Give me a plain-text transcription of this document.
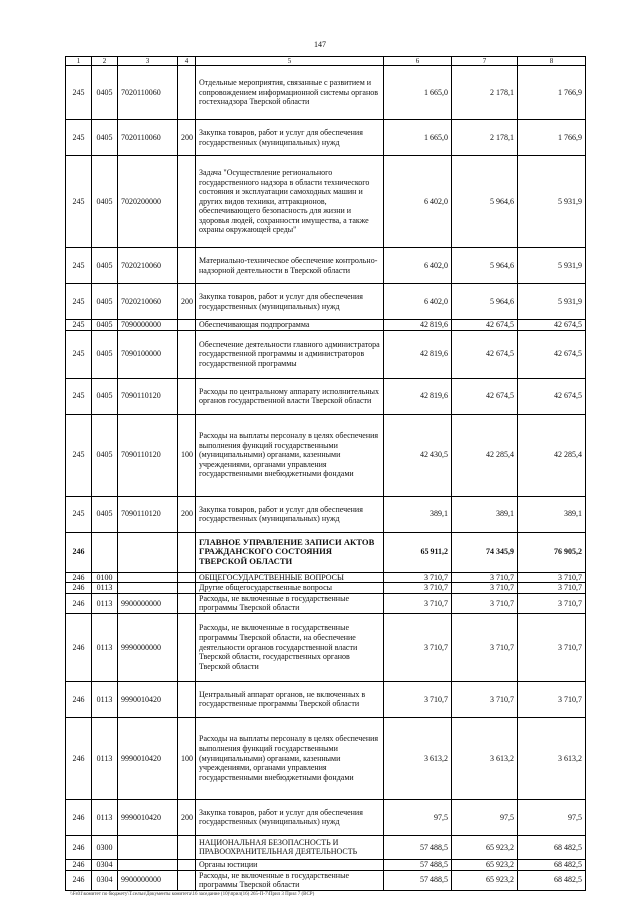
147
1	2	3	4	5	6	7	8
245	0405	7020110060		Отдельные мероприятия, связанные с развитием и сопровождением информационной системы органов гостехнадзора Тверской области	1 665,0	2 178,1	1 766,9
245	0405	7020110060	200	Закупка товаров, работ и услуг для обеспечения государственных (муниципальных) нужд	1 665,0	2 178,1	1 766,9
245	0405	7020200000		Задача "Осуществление регионального государственного надзора в области технического состояния и эксплуатации самоходных машин и других видов техники, аттракционов, обеспечивающего безопасность для жизни и здоровья людей, сохранности имущества, а также охраны окружающей среды"	6 402,0	5 964,6	5 931,9
245	0405	7020210060		Материально-техническое обеспечение контрольно-надзорной деятельности в Тверской области	6 402,0	5 964,6	5 931,9
245	0405	7020210060	200	Закупка товаров, работ и услуг для обеспечения государственных (муниципальных) нужд	6 402,0	5 964,6	5 931,9
245	0405	7090000000		Обеспечивающая подпрограмма	42 819,6	42 674,5	42 674,5
245	0405	7090100000		Обеспечение деятельности главного администратора государственной программы и администраторов государственной программы	42 819,6	42 674,5	42 674,5
245	0405	7090110120		Расходы по центральному аппарату исполнительных органов государственной власти Тверской области	42 819,6	42 674,5	42 674,5
245	0405	7090110120	100	Расходы на выплаты персоналу в целях обеспечения выполнения функций государственными (муниципальными) органами, казенными учреждениями, органами управления государственными внебюджетными фондами	42 430,5	42 285,4	42 285,4
245	0405	7090110120	200	Закупка товаров, работ и услуг для обеспечения государственных (муниципальных) нужд	389,1	389,1	389,1
246				ГЛАВНОЕ УПРАВЛЕНИЕ ЗАПИСИ АКТОВ ГРАЖДАНСКОГО СОСТОЯНИЯ ТВЕРСКОЙ ОБЛАСТИ	65 911,2	74 345,9	76 905,2
246	0100			ОБЩЕГОСУДАРСТВЕННЫЕ ВОПРОСЫ	3 710,7	3 710,7	3 710,7
246	0113			Другие общегосударственные вопросы	3 710,7	3 710,7	3 710,7
246	0113	9900000000		Расходы, не включенные в государственные программы Тверской области	3 710,7	3 710,7	3 710,7
246	0113	9990000000		Расходы, не включенные в государственные программы Тверской области, на обеспечение деятельности органов государственной власти Тверской области, государственных органов Тверской области	3 710,7	3 710,7	3 710,7
246	0113	9990010420		Центральный аппарат органов, не включенных в государственные программы Тверской области	3 710,7	3 710,7	3 710,7
246	0113	9990010420	100	Расходы на выплаты персоналу в целях обеспечения выполнения функций государственными (муниципальными) органами, казенными учреждениями, органами управления государственными внебюджетными фондами	3 613,2	3 613,2	3 613,2
246	0113	9990010420	200	Закупка товаров, работ и услуг для обеспечения государственных (муниципальных) нужд	97,5	97,5	97,5
246	0300			НАЦИОНАЛЬНАЯ БЕЗОПАСНОСТЬ И ПРАВООХРАНИТЕЛЬНАЯ ДЕЯТЕЛЬНОСТЬ	57 488,5	65 923,2	68 482,5
246	0304			Органы юстиции	57 488,5	65 923,2	68 482,5
246	0304	9900000000		Расходы, не включенные в государственные программы Тверской области	57 488,5	65 923,2	68 482,5
\\Fs01\комитет по бюджету\Т.селъи\Документы комитета\16 заседание (10)\прил(16) 265-П-7\Прил 3 Прил 7 (ВСР)
